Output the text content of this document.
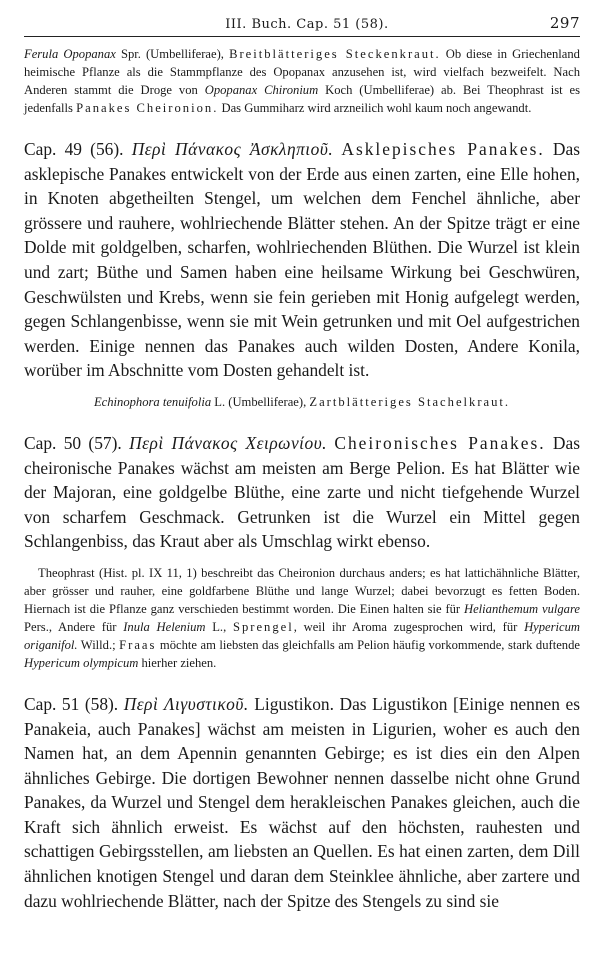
III. Buch. Cap. 51 (58).	297

Ferula Opopanax Spr. (Umbelliferae), Breitblätteriges Steckenkraut. Ob diese in Griechenland heimische Pflanze als die Stammpflanze des Opopanax anzusehen ist, wird vielfach bezweifelt. Nach Anderen stammt die Droge von Opopanax Chironium Koch (Umbelliferae) ab. Bei Theophrast ist es jedenfalls Panakes Cheironion. Das Gummiharz wird arzneilich wohl kaum noch angewandt.

Cap. 49 (56). Περὶ Πάνακος Ἀσκληπιοῦ. Asklepisches Panakes. Das asklepische Panakes entwickelt von der Erde aus einen zarten, eine Elle hohen, in Knoten abgetheilten Stengel, um welchen dem Fenchel ähnliche, aber grössere und rauhere, wohlriechende Blätter stehen. An der Spitze trägt er eine Dolde mit goldgelben, scharfen, wohlriechenden Blüthen. Die Wurzel ist klein und zart; Büthe und Samen haben eine heilsame Wirkung bei Geschwüren, Geschwülsten und Krebs, wenn sie fein gerieben mit Honig aufgelegt werden, gegen Schlangenbisse, wenn sie mit Wein getrunken und mit Oel aufgestrichen werden. Einige nennen das Panakes auch wilden Dosten, Andere Konila, worüber im Abschnitte vom Dosten gehandelt ist.

Echinophora tenuifolia L. (Umbelliferae), Zartblätteriges Stachelkraut.

Cap. 50 (57). Περὶ Πάνακος Χειρωνίου. Cheironisches Panakes. Das cheironische Panakes wächst am meisten am Berge Pelion. Es hat Blätter wie der Majoran, eine goldgelbe Blüthe, eine zarte und nicht tiefgehende Wurzel von scharfem Geschmack. Getrunken ist die Wurzel ein Mittel gegen Schlangenbiss, das Kraut aber als Umschlag wirkt ebenso.

Theophrast (Hist. pl. IX 11, 1) beschreibt das Cheironion durchaus anders; es hat lattichähnliche Blätter, aber grösser und rauher, eine goldfarbene Blüthe und lange Wurzel; dabei bevorzugt es fetten Boden. Hiernach ist die Pflanze ganz verschieden bestimmt worden. Die Einen halten sie für Helianthemum vulgare Pers., Andere für Inula Helenium L., Sprengel, weil ihr Aroma zugesprochen wird, für Hypericum origanifol. Willd.; Fraas möchte am liebsten das gleichfalls am Pelion häufig vorkommende, stark duftende Hypericum olympicum hierher ziehen.

Cap. 51 (58). Περὶ Λιγυστικοῦ. Ligustikon. Das Ligustikon [Einige nennen es Panakeia, auch Panakes] wächst am meisten in Ligurien, woher es auch den Namen hat, an dem Apennin genannten Gebirge; es ist dies ein den Alpen ähnliches Gebirge. Die dortigen Bewohner nennen dasselbe nicht ohne Grund Panakes, da Wurzel und Stengel dem herakleischen Panakes gleichen, auch die Kraft sich ähnlich erweist. Es wächst auf den höchsten, rauhesten und schattigen Gebirgsstellen, am liebsten an Quellen. Es hat einen zarten, dem Dill ähnlichen knotigen Stengel und daran dem Steinklee ähnliche, aber zartere und dazu wohlriechende Blätter, nach der Spitze des Stengels zu sind sie
